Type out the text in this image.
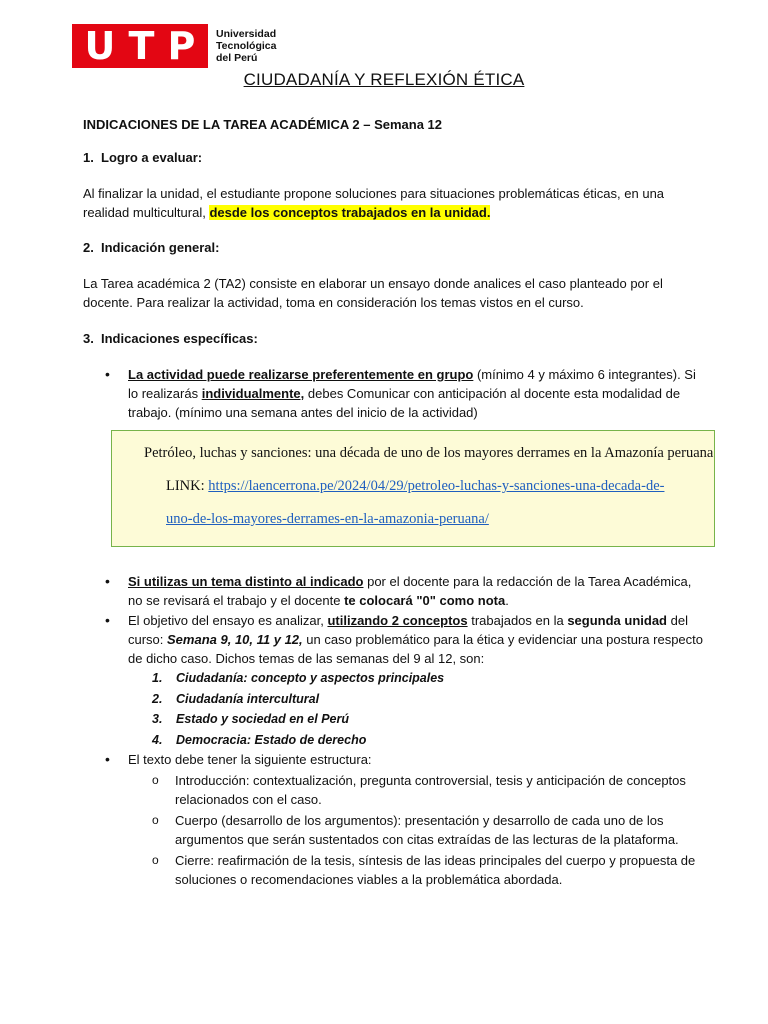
U T P Universidad
Tecnológica
del Perú
CIUDADANÍA Y REFLEXIÓN ÉTICA

INDICACIONES DE LA TAREA ACADÉMICA 2 – Semana 12

1. Logro a evaluar:

Al finalizar la unidad, el estudiante propone soluciones para situaciones problemáticas éticas, en una realidad multicultural, desde los conceptos trabajados en la unidad.

2. Indicación general:

La Tarea académica 2 (TA2) consiste en elaborar un ensayo donde analices el caso planteado por el docente. Para realizar la actividad, toma en consideración los temas vistos en el curso.

3. Indicaciones específicas:

• La actividad puede realizarse preferentemente en grupo (mínimo 4 y máximo 6 integrantes). Si lo realizarás individualmente, debes Comunicar con anticipación al docente esta modalidad de trabajo. (mínimo una semana antes del inicio de la actividad)

Petróleo, luchas y sanciones: una década de uno de los mayores derrames en la Amazonía peruana
LINK: https://laencerrona.pe/2024/04/29/petroleo-luchas-y-sanciones-una-decada-de-
uno-de-los-mayores-derrames-en-la-amazonia-peruana/

• Si utilizas un tema distinto al indicado por el docente para la redacción de la Tarea Académica, no se revisará el trabajo y el docente te colocará "0" como nota.

• El objetivo del ensayo es analizar, utilizando 2 conceptos trabajados en la segunda unidad del curso: Semana 9, 10, 11 y 12, un caso problemático para la ética y evidenciar una postura respecto de dicho caso. Dichos temas de las semanas del 9 al 12, son:

1. Ciudadanía: concepto y aspectos principales
2. Ciudadanía intercultural
3. Estado y sociedad en el Perú
4. Democracia: Estado de derecho

• El texto debe tener la siguiente estructura:

o Introducción: contextualización, pregunta controversial, tesis y anticipación de conceptos relacionados con el caso.

o Cuerpo (desarrollo de los argumentos): presentación y desarrollo de cada uno de los argumentos que serán sustentados con citas extraídas de las lecturas de la plataforma.

o Cierre: reafirmación de la tesis, síntesis de las ideas principales del cuerpo y propuesta de soluciones o recomendaciones viables a la problemática abordada.
